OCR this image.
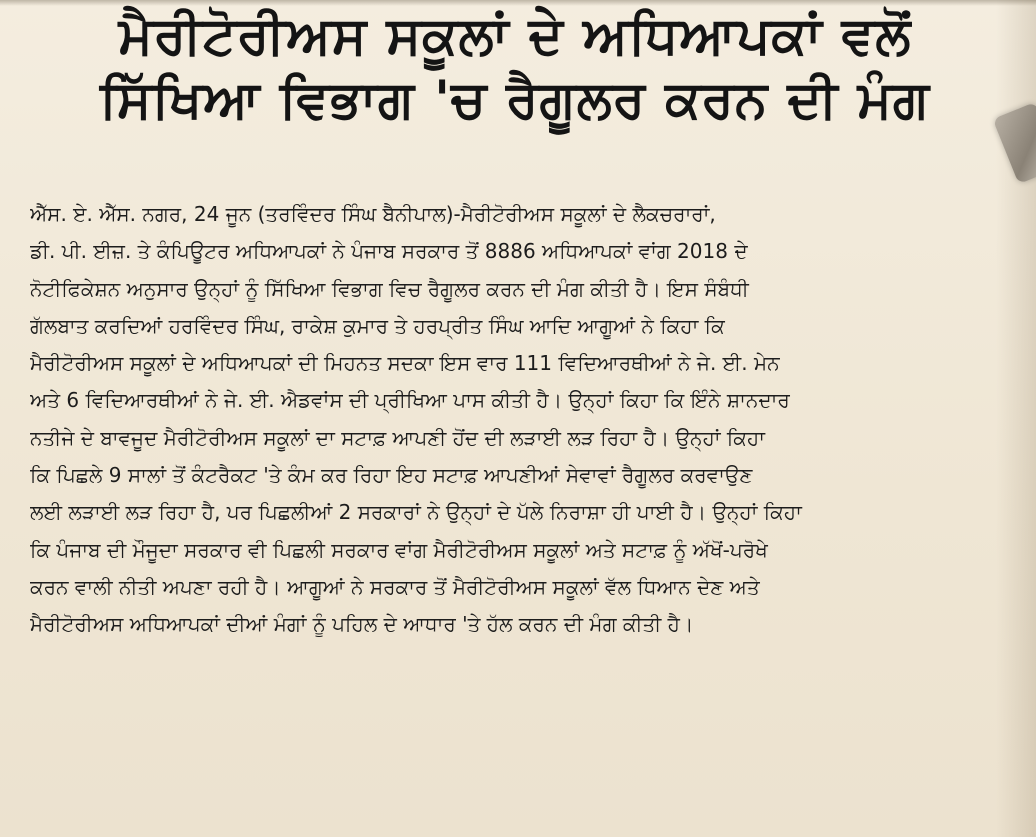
ਮੈਰੀਟੋਰੀਅਸ ਸਕੂਲਾਂ ਦੇ ਅਧਿਆਪਕਾਂ ਵਲੋਂ
ਸਿੱਖਿਆ ਵਿਭਾਗ 'ਚ ਰੈਗੂਲਰ ਕਰਨ ਦੀ ਮੰਗ

ਐੱਸ. ਏ. ਐੱਸ. ਨਗਰ, 24 ਜੂਨ (ਤਰਵਿੰਦਰ ਸਿੰਘ ਬੈਨੀਪਾਲ)-ਮੈਰੀਟੋਰੀਅਸ ਸਕੂਲਾਂ ਦੇ ਲੈਕਚਰਾਰਾਂ,
ਡੀ. ਪੀ. ਈਜ਼. ਤੇ ਕੰਪਿਊਟਰ ਅਧਿਆਪਕਾਂ ਨੇ ਪੰਜਾਬ ਸਰਕਾਰ ਤੋਂ 8886 ਅਧਿਆਪਕਾਂ ਵਾਂਗ 2018 ਦੇ
ਨੋਟੀਫਿਕੇਸ਼ਨ ਅਨੁਸਾਰ ਉਨ੍ਹਾਂ ਨੂੰ ਸਿੱਖਿਆ ਵਿਭਾਗ ਵਿਚ ਰੈਗੂਲਰ ਕਰਨ ਦੀ ਮੰਗ ਕੀਤੀ ਹੈ। ਇਸ ਸੰਬੰਧੀ
ਗੱਲਬਾਤ ਕਰਦਿਆਂ ਹਰਵਿੰਦਰ ਸਿੰਘ, ਰਾਕੇਸ਼ ਕੁਮਾਰ ਤੇ ਹਰਪ੍ਰੀਤ ਸਿੰਘ ਆਦਿ ਆਗੂਆਂ ਨੇ ਕਿਹਾ ਕਿ
ਮੈਰੀਟੋਰੀਅਸ ਸਕੂਲਾਂ ਦੇ ਅਧਿਆਪਕਾਂ ਦੀ ਮਿਹਨਤ ਸਦਕਾ ਇਸ ਵਾਰ 111 ਵਿਦਿਆਰਥੀਆਂ ਨੇ ਜੇ. ਈ. ਮੇਨ
ਅਤੇ 6 ਵਿਦਿਆਰਥੀਆਂ ਨੇ ਜੇ. ਈ. ਐਡਵਾਂਸ ਦੀ ਪ੍ਰੀਖਿਆ ਪਾਸ ਕੀਤੀ ਹੈ। ਉਨ੍ਹਾਂ ਕਿਹਾ ਕਿ ਇੰਨੇ ਸ਼ਾਨਦਾਰ
ਨਤੀਜੇ ਦੇ ਬਾਵਜੂਦ ਮੈਰੀਟੋਰੀਅਸ ਸਕੂਲਾਂ ਦਾ ਸਟਾਫ਼ ਆਪਣੀ ਹੋਂਦ ਦੀ ਲੜਾਈ ਲੜ ਰਿਹਾ ਹੈ। ਉਨ੍ਹਾਂ ਕਿਹਾ
ਕਿ ਪਿਛਲੇ 9 ਸਾਲਾਂ ਤੋਂ ਕੰਟਰੈਕਟ 'ਤੇ ਕੰਮ ਕਰ ਰਿਹਾ ਇਹ ਸਟਾਫ਼ ਆਪਣੀਆਂ ਸੇਵਾਵਾਂ ਰੈਗੂਲਰ ਕਰਵਾਉਣ
ਲਈ ਲੜਾਈ ਲੜ ਰਿਹਾ ਹੈ, ਪਰ ਪਿਛਲੀਆਂ 2 ਸਰਕਾਰਾਂ ਨੇ ਉਨ੍ਹਾਂ ਦੇ ਪੱਲੇ ਨਿਰਾਸ਼ਾ ਹੀ ਪਾਈ ਹੈ। ਉਨ੍ਹਾਂ ਕਿਹਾ
ਕਿ ਪੰਜਾਬ ਦੀ ਮੌਜੂਦਾ ਸਰਕਾਰ ਵੀ ਪਿਛਲੀ ਸਰਕਾਰ ਵਾਂਗ ਮੈਰੀਟੋਰੀਅਸ ਸਕੂਲਾਂ ਅਤੇ ਸਟਾਫ਼ ਨੂੰ ਅੱਖੋਂ-ਪਰੋਖੇ
ਕਰਨ ਵਾਲੀ ਨੀਤੀ ਅਪਣਾ ਰਹੀ ਹੈ। ਆਗੂਆਂ ਨੇ ਸਰਕਾਰ ਤੋਂ ਮੈਰੀਟੋਰੀਅਸ ਸਕੂਲਾਂ ਵੱਲ ਧਿਆਨ ਦੇਣ ਅਤੇ
ਮੈਰੀਟੋਰੀਅਸ ਅਧਿਆਪਕਾਂ ਦੀਆਂ ਮੰਗਾਂ ਨੂੰ ਪਹਿਲ ਦੇ ਆਧਾਰ 'ਤੇ ਹੱਲ ਕਰਨ ਦੀ ਮੰਗ ਕੀਤੀ ਹੈ।
